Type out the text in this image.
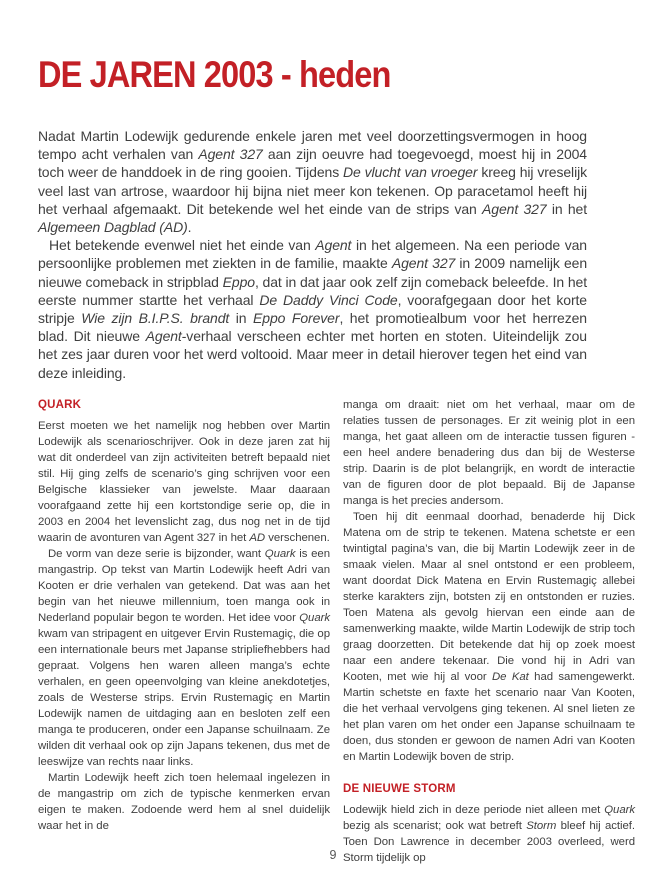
DE JAREN 2003 - heden

Nadat Martin Lodewijk gedurende enkele jaren met veel doorzettingsvermogen in hoog tempo acht verhalen van Agent 327 aan zijn oeuvre had toegevoegd, moest hij in 2004 toch weer de handdoek in de ring gooien. Tijdens De vlucht van vroeger kreeg hij vreselijk veel last van artrose, waardoor hij bijna niet meer kon tekenen. Op paracetamol heeft hij het verhaal afgemaakt. Dit betekende wel het einde van de strips van Agent 327 in het Algemeen Dagblad (AD).

Het betekende evenwel niet het einde van Agent in het algemeen. Na een periode van persoonlijke problemen met ziekten in de familie, maakte Agent 327 in 2009 namelijk een nieuwe comeback in stripblad Eppo, dat in dat jaar ook zelf zijn comeback beleefde. In het eerste nummer startte het verhaal De Daddy Vinci Code, voorafgegaan door het korte stripje Wie zijn B.I.P.S. brandt in Eppo Forever, het promotiealbum voor het herrezen blad. Dit nieuwe Agent-verhaal verscheen echter met horten en stoten. Uiteindelijk zou het zes jaar duren voor het werd voltooid. Maar meer in detail hierover tegen het eind van deze inleiding.

QUARK

Eerst moeten we het namelijk nog hebben over Martin Lodewijk als scenarioschrijver. Ook in deze jaren zat hij wat dit onderdeel van zijn activiteiten betreft bepaald niet stil. Hij ging zelfs de scenario’s ging schrijven voor een Belgische klassieker van jewelste. Maar daaraan voorafgaand zette hij een kortstondige serie op, die in 2003 en 2004 het levenslicht zag, dus nog net in de tijd waarin de avonturen van Agent 327 in het AD verschenen.

De vorm van deze serie is bijzonder, want Quark is een mangastrip. Op tekst van Martin Lodewijk heeft Adri van Kooten er drie verhalen van getekend. Dat was aan het begin van het nieuwe millennium, toen manga ook in Nederland populair begon te worden. Het idee voor Quark kwam van stripagent en uitgever Ervin Rustemagiç, die op een internationale beurs met Japanse stripliefhebbers had gepraat. Volgens hen waren alleen manga’s echte verhalen, en geen opeenvolging van kleine anekdotetjes, zoals de Westerse strips. Ervin Rustemagiç en Martin Lodewijk namen de uitdaging aan en besloten zelf een manga te produceren, onder een Japanse schuilnaam. Ze wilden dit verhaal ook op zijn Japans tekenen, dus met de leeswijze van rechts naar links.

Martin Lodewijk heeft zich toen helemaal ingelezen in de mangastrip om zich de typische kenmerken ervan eigen te maken. Zodoende werd hem al snel duidelijk waar het in de

manga om draait: niet om het verhaal, maar om de relaties tussen de personages. Er zit weinig plot in een manga, het gaat alleen om de interactie tussen figuren - een heel andere benadering dus dan bij de Westerse strip. Daarin is de plot belangrijk, en wordt de interactie van de figuren door de plot bepaald. Bij de Japanse manga is het precies andersom.

Toen hij dit eenmaal doorhad, benaderde hij Dick Matena om de strip te tekenen. Matena schetste er een twintigtal pagina’s van, die bij Martin Lodewijk zeer in de smaak vielen. Maar al snel ontstond er een probleem, want doordat Dick Matena en Ervin Rustemagiç allebei sterke karakters zijn, botsten zij en ontstonden er ruzies. Toen Matena als gevolg hiervan een einde aan de samenwerking maakte, wilde Martin Lodewijk de strip toch graag doorzetten. Dit betekende dat hij op zoek moest naar een andere tekenaar. Die vond hij in Adri van Kooten, met wie hij al voor De Kat had samengewerkt. Martin schetste en faxte het scenario naar Van Kooten, die het verhaal vervolgens ging tekenen. Al snel lieten ze het plan varen om het onder een Japanse schuilnaam te doen, dus stonden er gewoon de namen Adri van Kooten en Martin Lodewijk boven de strip.

DE NIEUWE STORM

Lodewijk hield zich in deze periode niet alleen met Quark bezig als scenarist; ook wat betreft Storm bleef hij actief. Toen Don Lawrence in december 2003 overleed, werd Storm tijdelijk op

9
